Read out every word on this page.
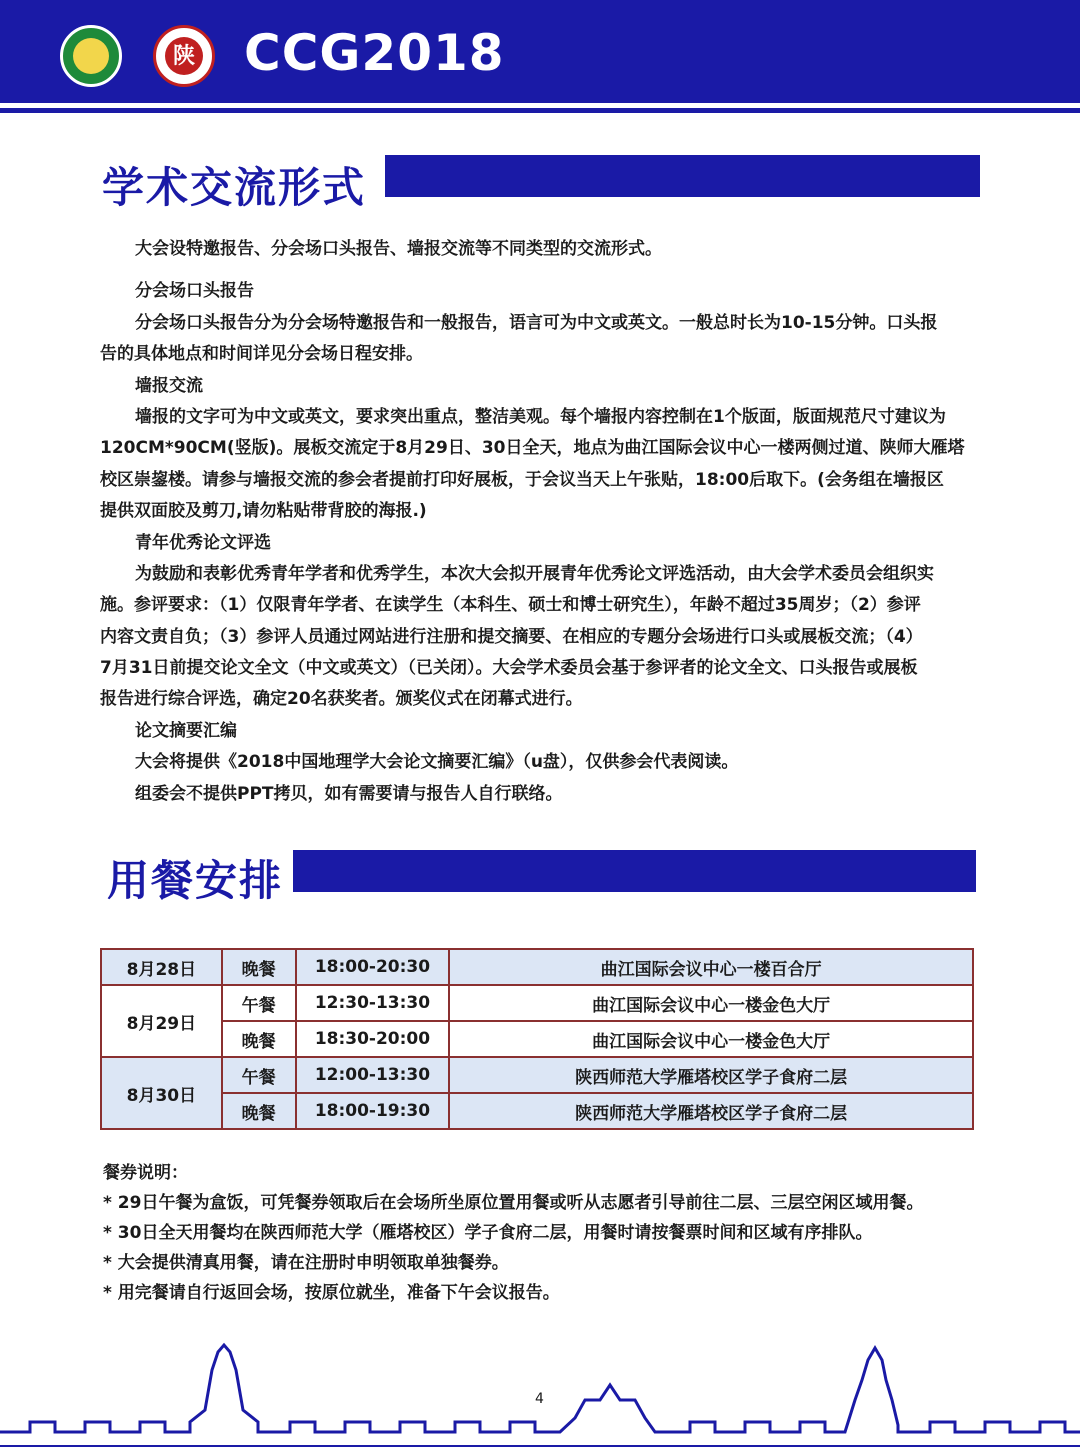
陕 CCG2018
学术交流形式
大会设特邀报告、分会场口头报告、墙报交流等不同类型的交流形式。
分会场口头报告
分会场口头报告分为分会场特邀报告和一般报告，语言可为中文或英文。一般总时长为10-15分钟。口头报
告的具体地点和时间详见分会场日程安排。
墙报交流
墙报的文字可为中文或英文，要求突出重点，整洁美观。每个墙报内容控制在1个版面，版面规范尺寸建议为
120CM*90CM(竖版)。展板交流定于8月29日、30日全天，地点为曲江国际会议中心一楼两侧过道、陕师大雁塔
校区崇鋆楼。请参与墙报交流的参会者提前打印好展板，于会议当天上午张贴，18:00后取下。(会务组在墙报区
提供双面胶及剪刀,请勿粘贴带背胶的海报.)
青年优秀论文评选
为鼓励和表彰优秀青年学者和优秀学生，本次大会拟开展青年优秀论文评选活动，由大会学术委员会组织实
施。参评要求：（1）仅限青年学者、在读学生（本科生、硕士和博士研究生），年龄不超过35周岁；（2）参评
内容文责自负；（3）参评人员通过网站进行注册和提交摘要、在相应的专题分会场进行口头或展板交流；（4）
7月31日前提交论文全文（中文或英文）（已关闭）。大会学术委员会基于参评者的论文全文、口头报告或展板
报告进行综合评选，确定20名获奖者。颁奖仪式在闭幕式进行。
论文摘要汇编
大会将提供《2018中国地理学大会论文摘要汇编》（u盘），仅供参会代表阅读。
组委会不提供PPT拷贝，如有需要请与报告人自行联络。
用餐安排
8月28日	晚餐	18:00-20:30	曲江国际会议中心一楼百合厅
8月29日	午餐	12:30-13:30	曲江国际会议中心一楼金色大厅
	晚餐	18:30-20:00	曲江国际会议中心一楼金色大厅
8月30日	午餐	12:00-13:30	陕西师范大学雁塔校区学子食府二层
	晚餐	18:00-19:30	陕西师范大学雁塔校区学子食府二层
餐券说明：
* 29日午餐为盒饭，可凭餐券领取后在会场所坐原位置用餐或听从志愿者引导前往二层、三层空闲区域用餐。
* 30日全天用餐均在陕西师范大学（雁塔校区）学子食府二层，用餐时请按餐票时间和区域有序排队。
* 大会提供清真用餐，请在注册时申明领取单独餐券。
* 用完餐请自行返回会场，按原位就坐，准备下午会议报告。
4
